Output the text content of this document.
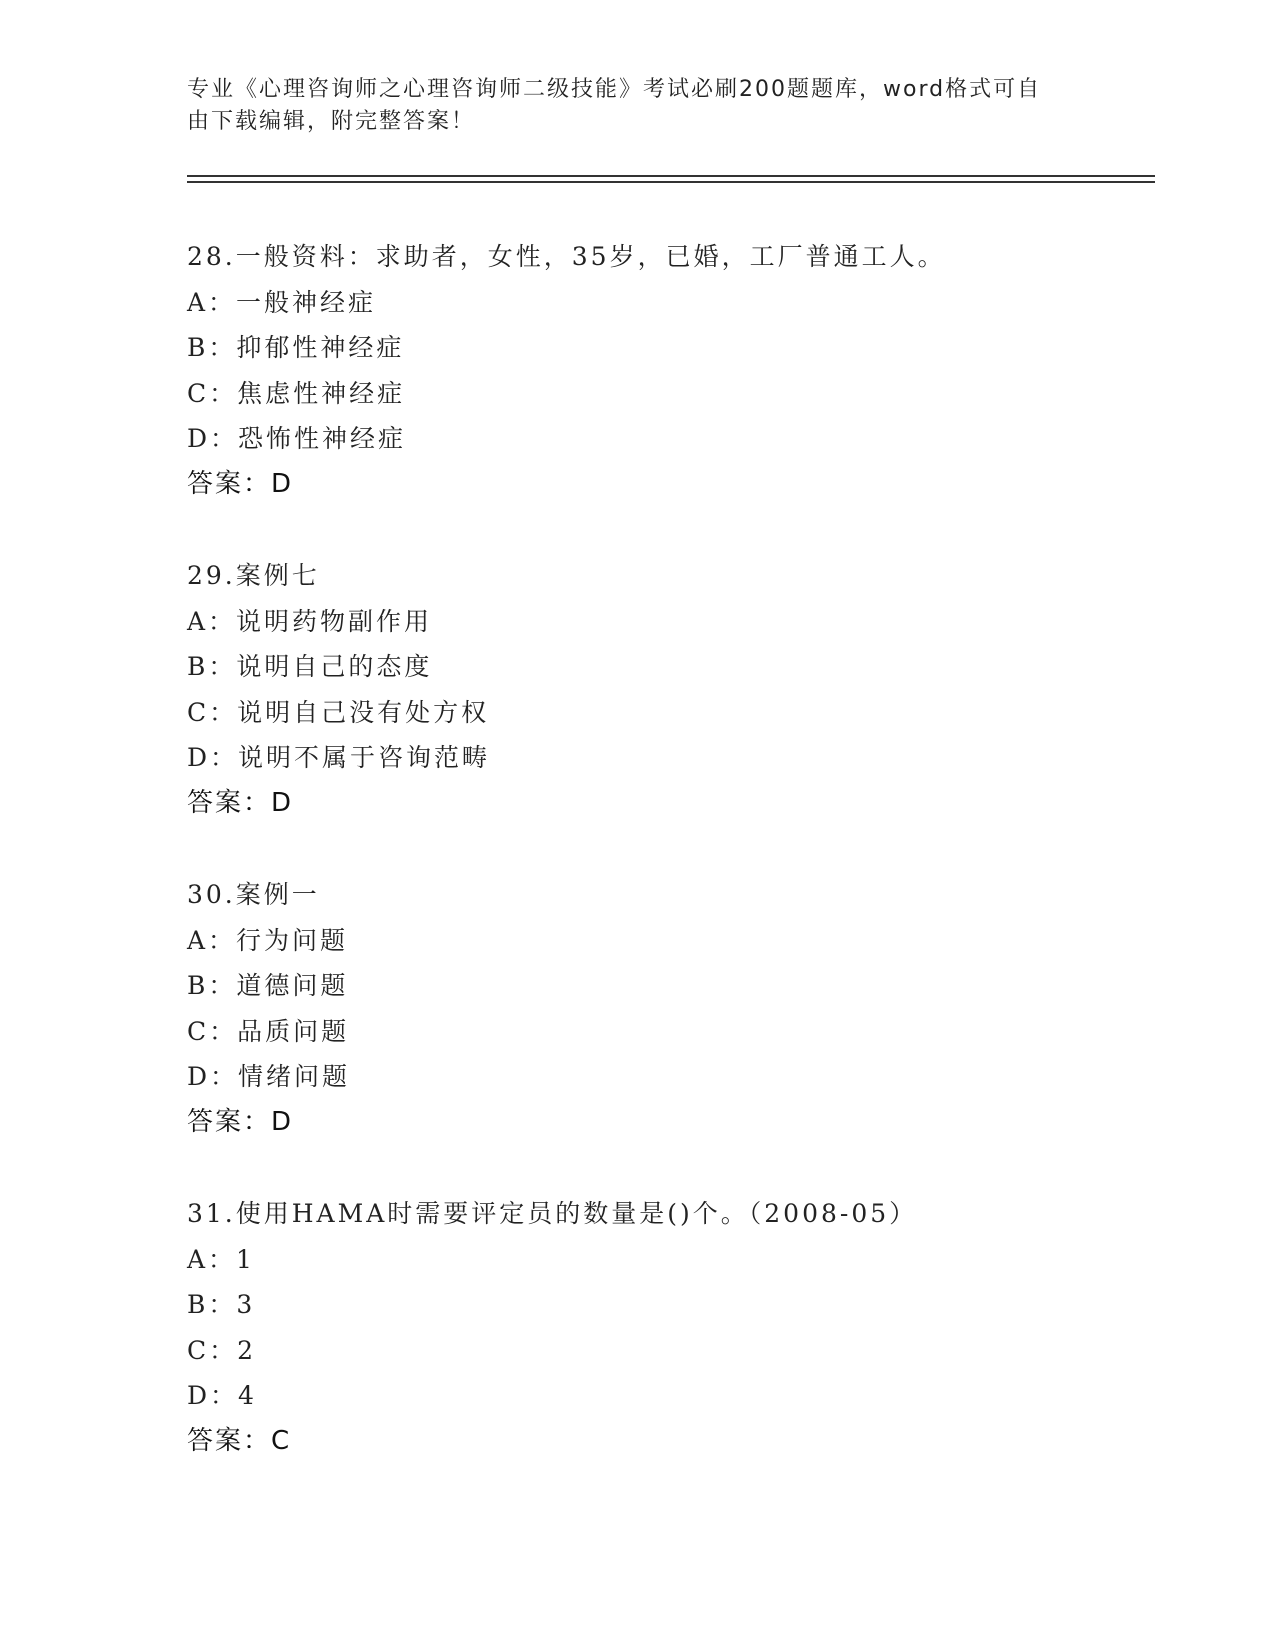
专业《心理咨询师之心理咨询师二级技能》考试必刷200题题库，word格式可自
由下载编辑，附完整答案！
28.一般资料：求助者，女性，35岁，已婚，工厂普通工人。
A：一般神经症
B：抑郁性神经症
C：焦虑性神经症
D：恐怖性神经症
答案：D
29.案例七
A：说明药物副作用
B：说明自己的态度
C：说明自己没有处方权
D：说明不属于咨询范畴
答案：D
30.案例一
A：行为问题
B：道德问题
C：品质问题
D：情绪问题
答案：D
31.使用HAMA时需要评定员的数量是()个。（2008-05）
A：1
B：3
C：2
D：4
答案：C
